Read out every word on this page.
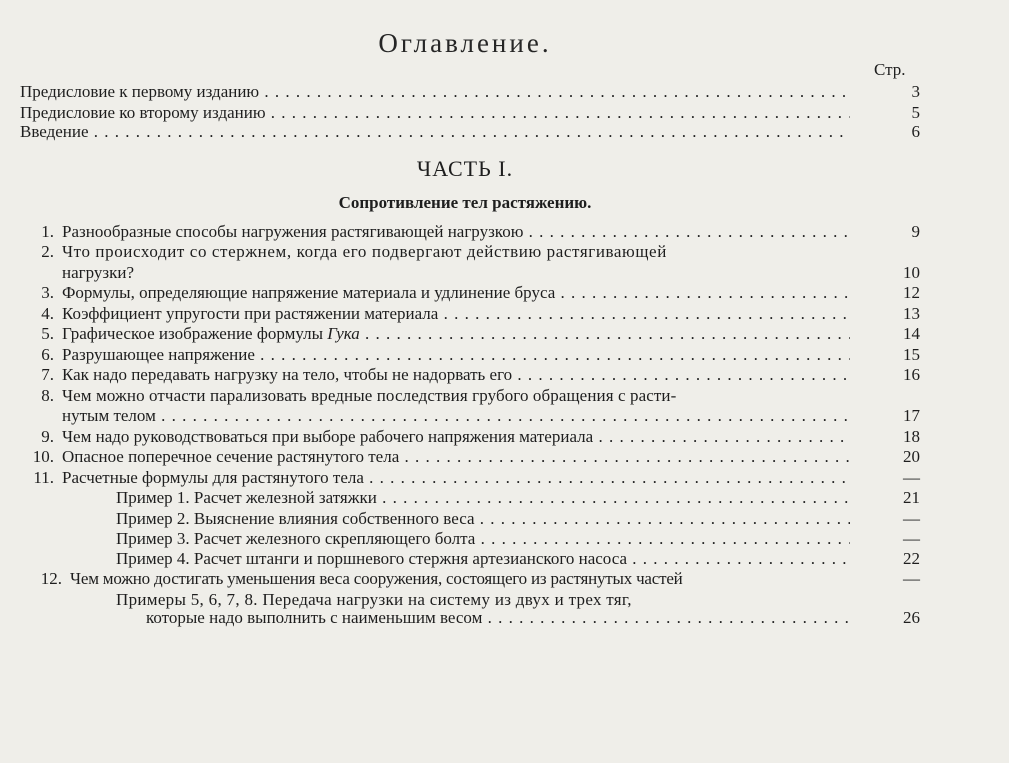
Оглавление.
Стр.
Предисловие к первому изданию . . .	3
Предисловие ко второму изданию . . .	5
Введение . . .	6
ЧАСТЬ I.
Сопротивление тел растяжению.
1. Разнообразные способы нагружения растягивающей нагрузкою . . .	9
2. Что происходит со стержнем, когда его подвергают действию растягивающей
нагрузки?	10
3. Формулы, определяющие напряжение материала и удлинение бруса . . .	12
4. Коэффициент упругости при растяжении материала . . .	13
5. Графическое изображение формулы Гука . . .	14
6. Разрушающее напряжение . . .	15
7. Как надо передавать нагрузку на тело, чтобы не надорвать его . . .	16
8. Чем можно отчасти парализовать вредные последствия грубого обращения с расти-
нутым телом . . .	17
9. Чем надо руководствоваться при выборе рабочего напряжения материала . . .	18
10. Опасное поперечное сечение растянутого тела . . .	20
11. Расчетные формулы для растянутого тела . . .	—
Пример 1. Расчет железной затяжки . . .	21
Пример 2. Выяснение влияния собственного веса . . .	—
Пример 3. Расчет железного скрепляющего болта . . .	—
Пример 4. Расчет штанги и поршневого стержня артезианского насоса . . .	22
12. Чем можно достигать уменьшения веса сооружения, состоящего из растянутых частей	—
Примеры 5, 6, 7, 8. Передача нагрузки на систему из двух и трех тяг,
которые надо выполнить с наименьшим весом . . .	26
